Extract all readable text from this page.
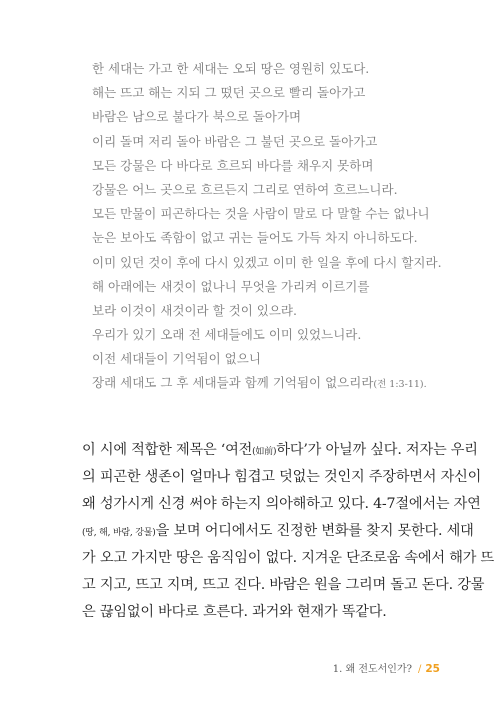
한 세대는 가고 한 세대는 오되 땅은 영원히 있도다.
해는 뜨고 해는 지되 그 떴던 곳으로 빨리 돌아가고
바람은 남으로 불다가 북으로 돌아가며
이리 돌며 저리 돌아 바람은 그 불던 곳으로 돌아가고
모든 강물은 다 바다로 흐르되 바다를 채우지 못하며
강물은 어느 곳으로 흐르든지 그리로 연하여 흐르느니라.
모든 만물이 피곤하다는 것을 사람이 말로 다 말할 수는 없나니
눈은 보아도 족함이 없고 귀는 들어도 가득 차지 아니하도다.
이미 있던 것이 후에 다시 있겠고 이미 한 일을 후에 다시 할지라.
해 아래에는 새것이 없나니 무엇을 가리켜 이르기를
보라 이것이 새것이라 할 것이 있으랴.
우리가 있기 오래 전 세대들에도 이미 있었느니라.
이전 세대들이 기억됨이 없으니
장래 세대도 그 후 세대들과 함께 기억됨이 없으리라(전 1:3-11).
이 시에 적합한 제목은 ‘여전(如前)하다’가 아닐까 싶다. 저자는 우리
의 피곤한 생존이 얼마나 힘겹고 덧없는 것인지 주장하면서 자신이
왜 성가시게 신경 써야 하는지 의아해하고 있다. 4-7절에서는 자연
(땅, 해, 바람, 강물)을 보며 어디에서도 진정한 변화를 찾지 못한다. 세대
가 오고 가지만 땅은 움직임이 없다. 지겨운 단조로움 속에서 해가 뜨
고 지고, 뜨고 지며, 뜨고 진다. 바람은 원을 그리며 돌고 돈다. 강물
은 끊임없이 바다로 흐른다. 과거와 현재가 똑같다.
1. 왜 전도서인가? / 25
